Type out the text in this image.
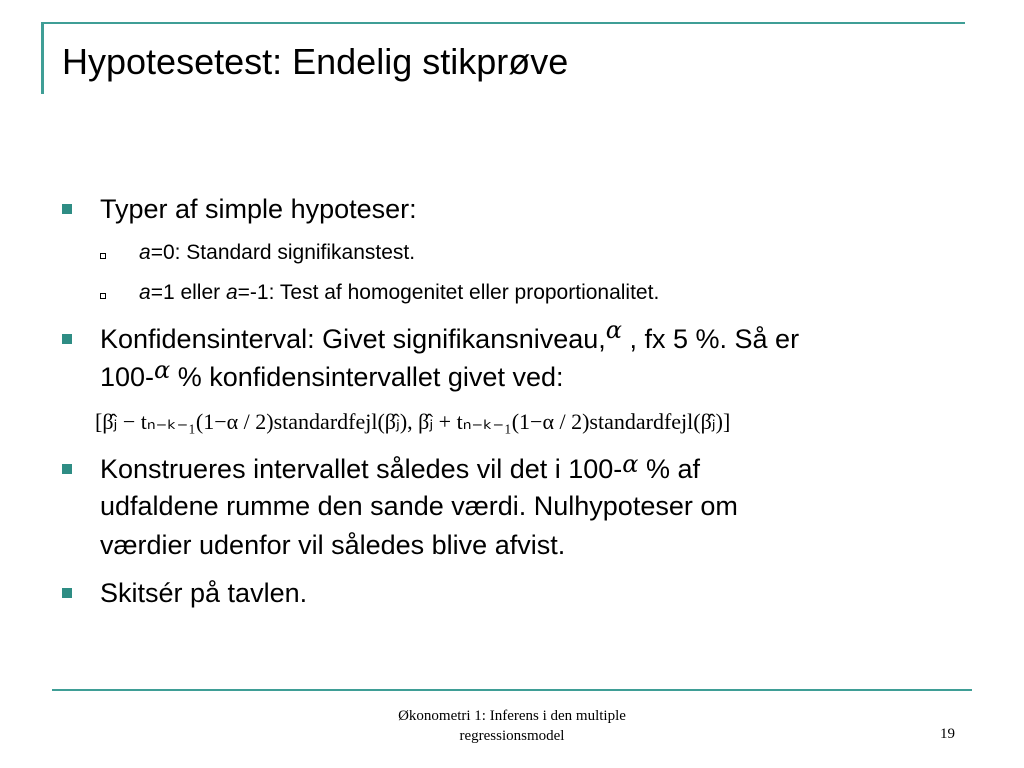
Hypotesetest: Endelig stikprøve
Typer af simple hypoteser:
a=0: Standard signifikanstest.
a=1 eller a=-1: Test af homogenitet eller proportionalitet.
Konfidensinterval: Givet signifikansniveau,α , fx 5 %. Så er
100-α % konfidensintervallet givet ved:
[β̂ⱼ − tₙ₋ₖ₋₁(1−α / 2)standardfejl(β̂ⱼ), β̂ⱼ + tₙ₋ₖ₋₁(1−α / 2)standardfejl(β̂ⱼ)]
Konstrueres intervallet således vil det i 100-α % af
udfaldene rumme den sande værdi. Nulhypoteser om
værdier udenfor vil således blive afvist.
Skitsér på tavlen.
Økonometri 1: Inferens i den multiple
regressionsmodel	19
